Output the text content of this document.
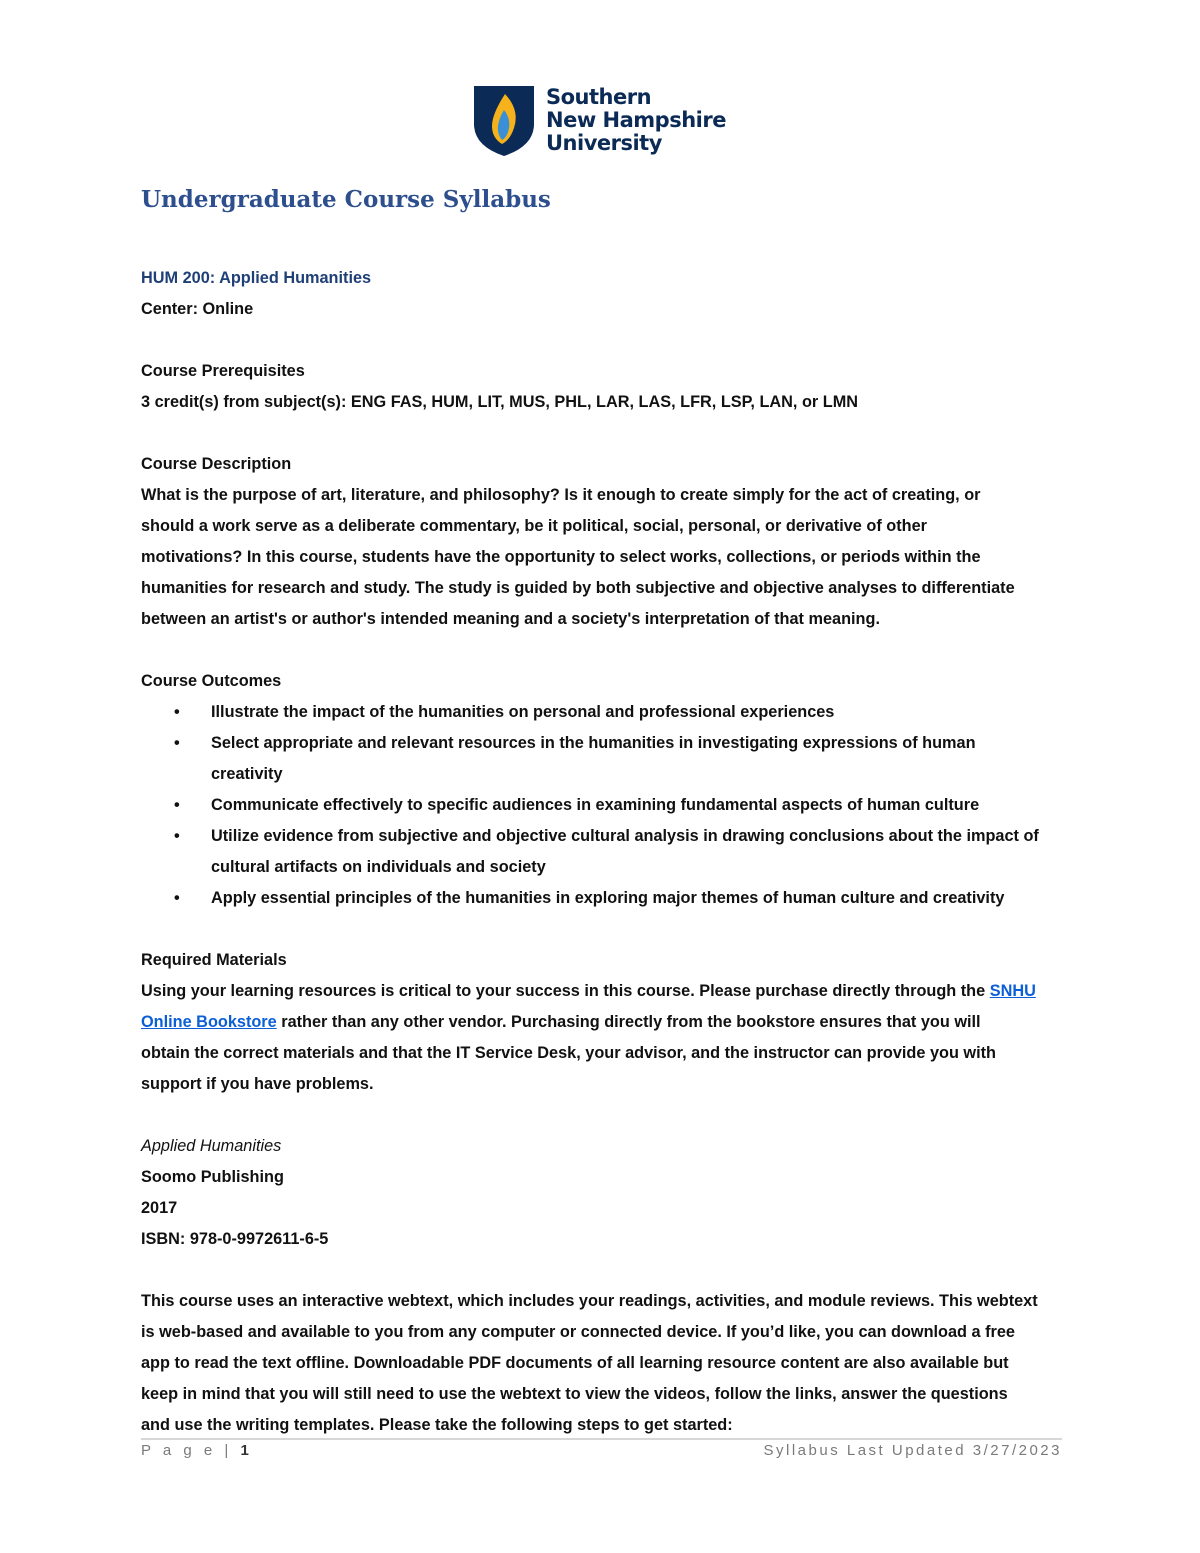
Southern
New Hampshire
University
Undergraduate Course Syllabus
HUM 200: Applied Humanities
Center: Online
Course Prerequisites
3 credit(s) from subject(s): ENG FAS, HUM, LIT, MUS, PHL, LAR, LAS, LFR, LSP, LAN, or LMN
Course Description
What is the purpose of art, literature, and philosophy? Is it enough to create simply for the act of creating, or
should a work serve as a deliberate commentary, be it political, social, personal, or derivative of other
motivations? In this course, students have the opportunity to select works, collections, or periods within the
humanities for research and study. The study is guided by both subjective and objective analyses to differentiate
between an artist's or author's intended meaning and a society's interpretation of that meaning.
Course Outcomes
• Illustrate the impact of the humanities on personal and professional experiences
• Select appropriate and relevant resources in the humanities in investigating expressions of human
creativity
• Communicate effectively to specific audiences in examining fundamental aspects of human culture
• Utilize evidence from subjective and objective cultural analysis in drawing conclusions about the impact of
cultural artifacts on individuals and society
• Apply essential principles of the humanities in exploring major themes of human culture and creativity
Required Materials
Using your learning resources is critical to your success in this course. Please purchase directly through the SNHU
Online Bookstore rather than any other vendor. Purchasing directly from the bookstore ensures that you will
obtain the correct materials and that the IT Service Desk, your advisor, and the instructor can provide you with
support if you have problems.
Applied Humanities
Soomo Publishing
2017
ISBN: 978-0-9972611-6-5
This course uses an interactive webtext, which includes your readings, activities, and module reviews. This webtext
is web-based and available to you from any computer or connected device. If you’d like, you can download a free
app to read the text offline. Downloadable PDF documents of all learning resource content are also available but
keep in mind that you will still need to use the webtext to view the videos, follow the links, answer the questions
and use the writing templates. Please take the following steps to get started:
P a g e | 1	Syllabus Last Updated 3/27/2023
